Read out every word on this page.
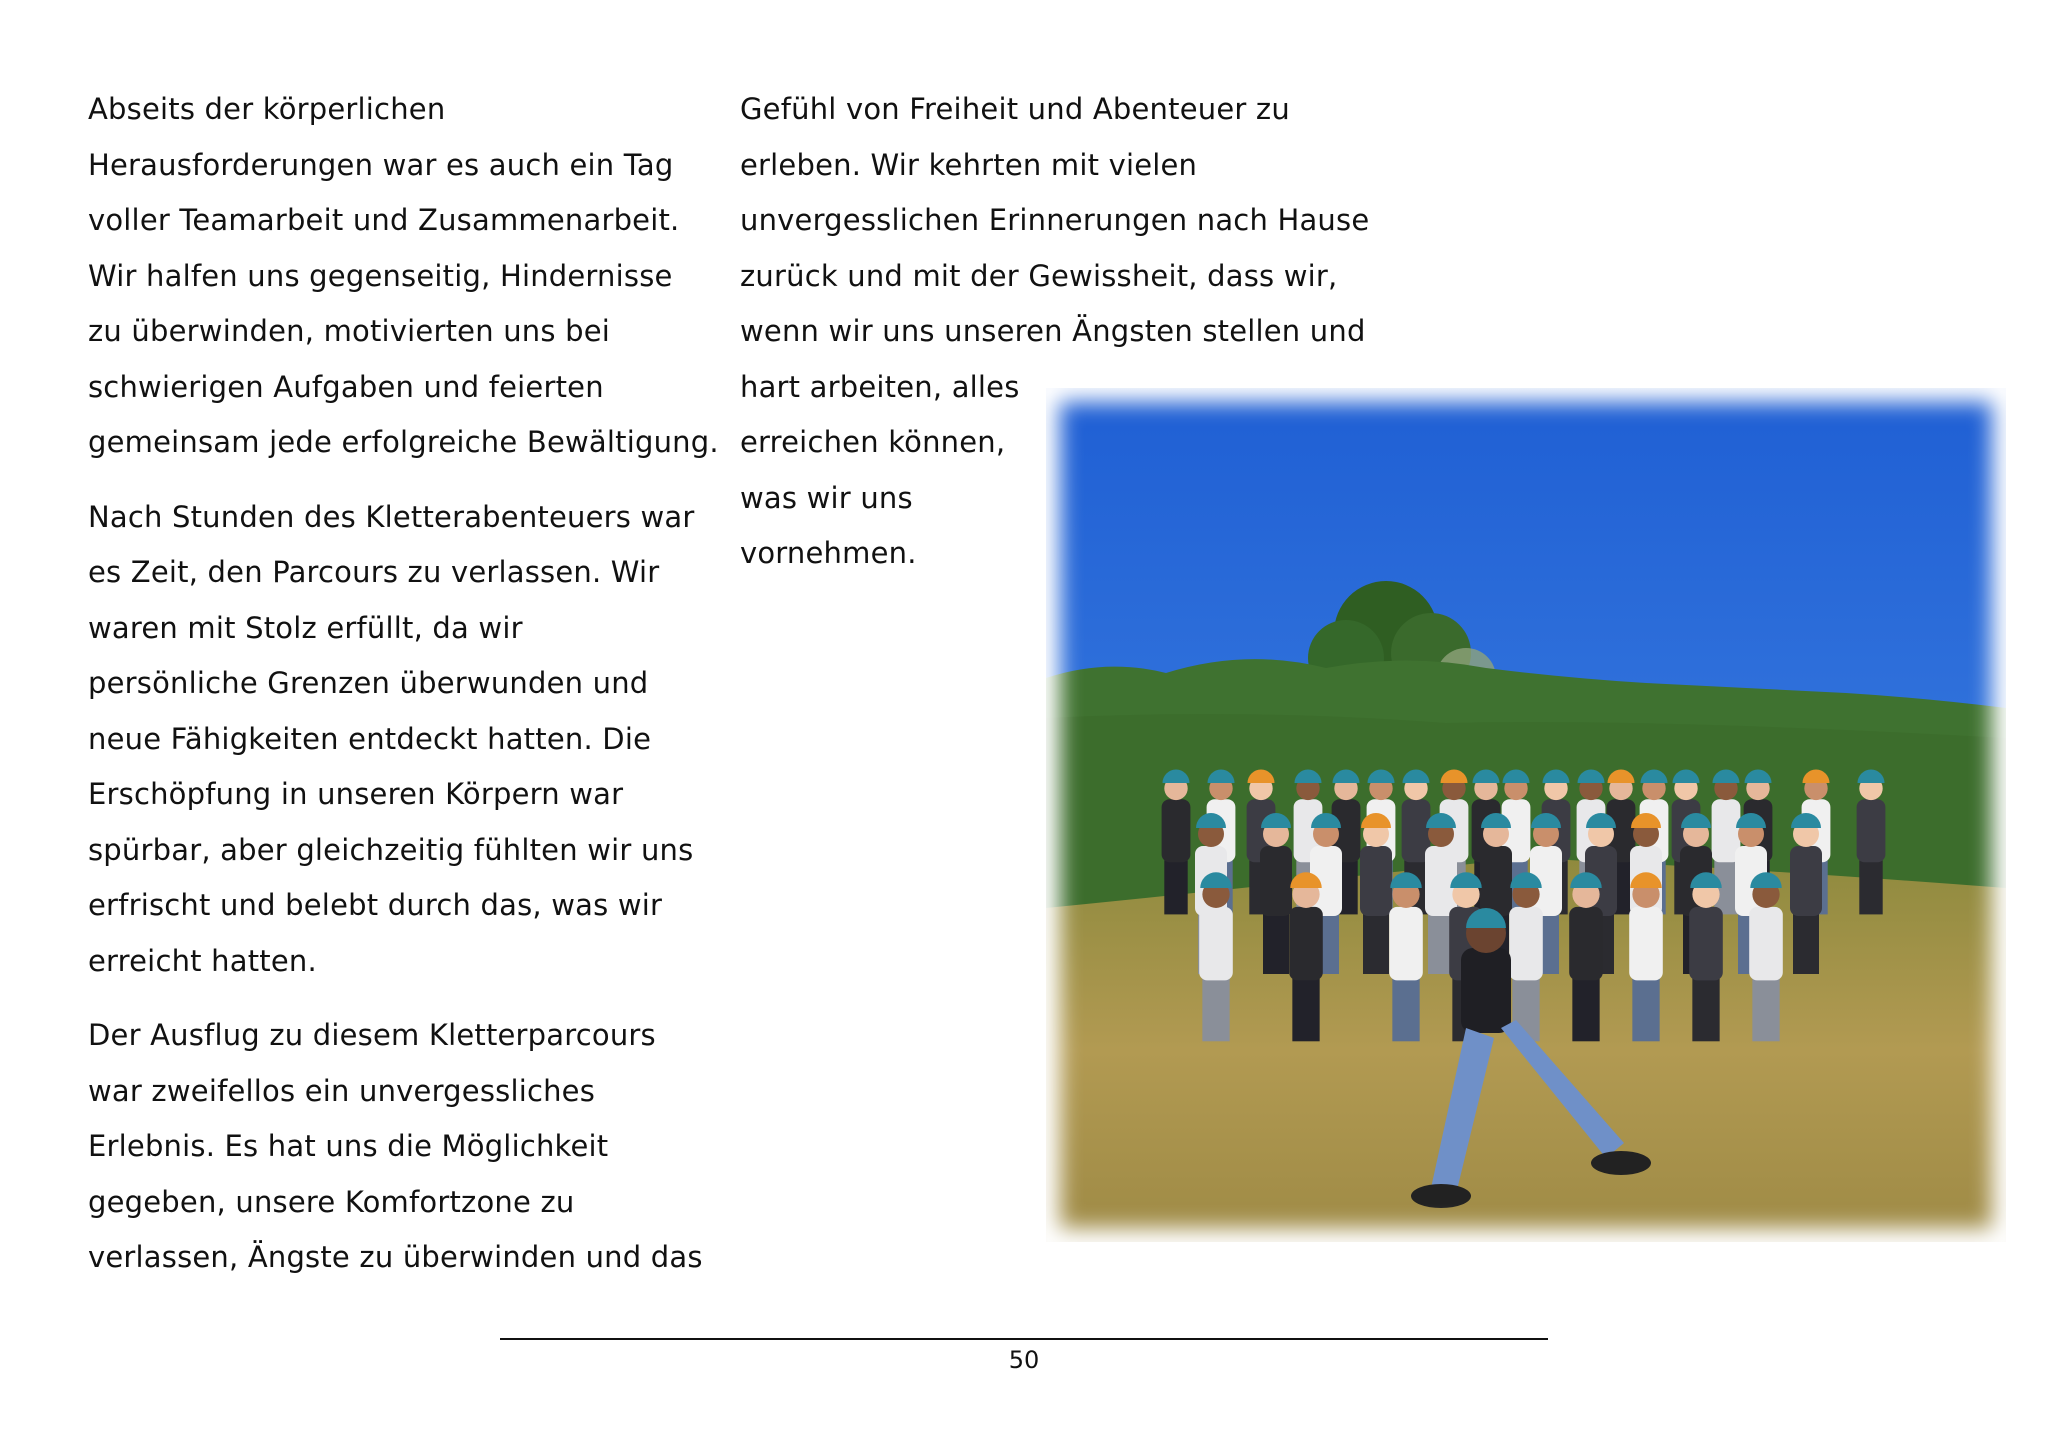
Abseits der körperlichen
Herausforderungen war es auch ein Tag
voller Teamarbeit und Zusammenarbeit.
Wir halfen uns gegenseitig, Hindernisse
zu überwinden, motivierten uns bei
schwierigen Aufgaben und feierten
gemeinsam jede erfolgreiche Bewältigung.

Nach Stunden des Kletterabenteuers war
es Zeit, den Parcours zu verlassen. Wir
waren mit Stolz erfüllt, da wir
persönliche Grenzen überwunden und
neue Fähigkeiten entdeckt hatten. Die
Erschöpfung in unseren Körpern war
spürbar, aber gleichzeitig fühlten wir uns
erfrischt und belebt durch das, was wir
erreicht hatten.

Der Ausflug zu diesem Kletterparcours
war zweifellos ein unvergessliches
Erlebnis. Es hat uns die Möglichkeit
gegeben, unsere Komfortzone zu
verlassen, Ängste zu überwinden und das

Gefühl von Freiheit und Abenteuer zu
erleben. Wir kehrten mit vielen
unvergesslichen Erinnerungen nach Hause
zurück und mit der Gewissheit, dass wir,
wenn wir uns unseren Ängsten stellen und
hart arbeiten, alles
erreichen können,
was wir uns
vornehmen.

50
